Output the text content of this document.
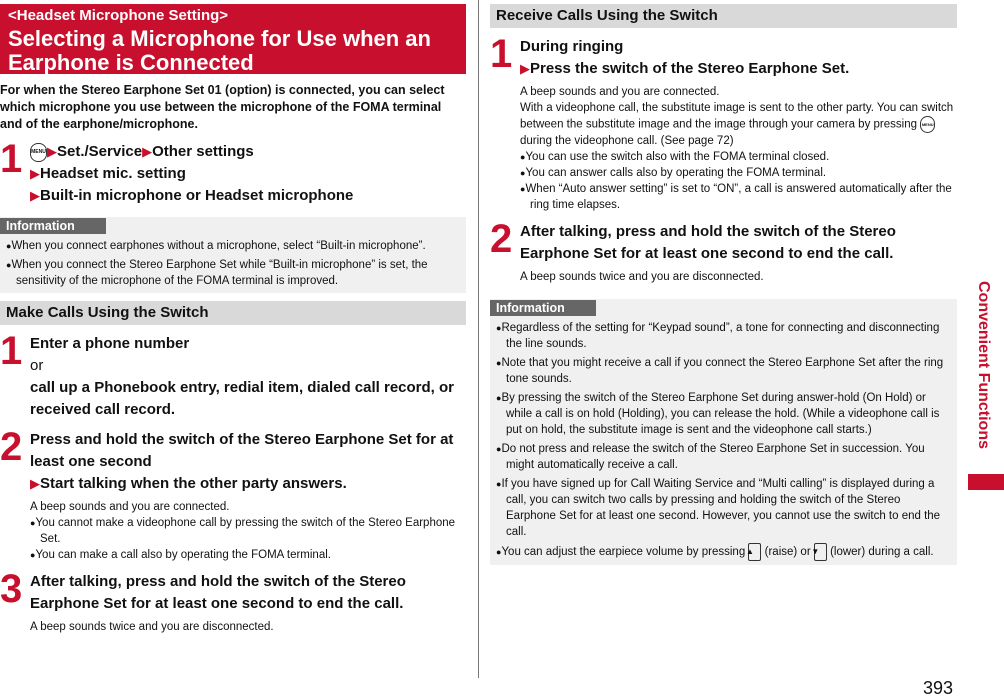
<Headset Microphone Setting>
Selecting a Microphone for Use when an Earphone is Connected
For when the Stereo Earphone Set 01 (option) is connected, you can select which microphone you use between the microphone of the FOMA terminal and of the earphone/microphone.
1 MENU▶Set./Service▶Other settings
▶Headset mic. setting
▶Built-in microphone or Headset microphone
Information
●When you connect earphones without a microphone, select “Built-in microphone”.
●When you connect the Stereo Earphone Set while “Built-in microphone” is set, the sensitivity of the microphone of the FOMA terminal is improved.
Make Calls Using the Switch
1 Enter a phone number
or
call up a Phonebook entry, redial item, dialed call record, or received call record.
2 Press and hold the switch of the Stereo Earphone Set for at least one second
▶Start talking when the other party answers.
A beep sounds and you are connected.
●You cannot make a videophone call by pressing the switch of the Stereo Earphone Set.
●You can make a call also by operating the FOMA terminal.
3 After talking, press and hold the switch of the Stereo Earphone Set for at least one second to end the call.
A beep sounds twice and you are disconnected.
Receive Calls Using the Switch
1 During ringing
▶Press the switch of the Stereo Earphone Set.
A beep sounds and you are connected.
With a videophone call, the substitute image is sent to the other party. You can switch between the substitute image and the image through your camera by pressing MENU during the videophone call. (See page 72)
●You can use the switch also with the FOMA terminal closed.
●You can answer calls also by operating the FOMA terminal.
●When “Auto answer setting” is set to “ON”, a call is answered automatically after the ring time elapses.
2 After talking, press and hold the switch of the Stereo Earphone Set for at least one second to end the call.
A beep sounds twice and you are disconnected.
Information
●Regardless of the setting for “Keypad sound”, a tone for connecting and disconnecting the line sounds.
●Note that you might receive a call if you connect the Stereo Earphone Set after the ring tone sounds.
●By pressing the switch of the Stereo Earphone Set during answer-hold (On Hold) or while a call is on hold (Holding), you can release the hold. (While a videophone call is put on hold, the substitute image is sent and the videophone call starts.)
●Do not press and release the switch of the Stereo Earphone Set in succession. You might automatically receive a call.
●If you have signed up for Call Waiting Service and “Multi calling” is displayed during a call, you can switch two calls by pressing and holding the switch of the Stereo Earphone Set for at least one second. However, you cannot use the switch to end the call.
●You can adjust the earpiece volume by pressing ▲ (raise) or ▼ (lower) during a call.
Convenient Functions
393
